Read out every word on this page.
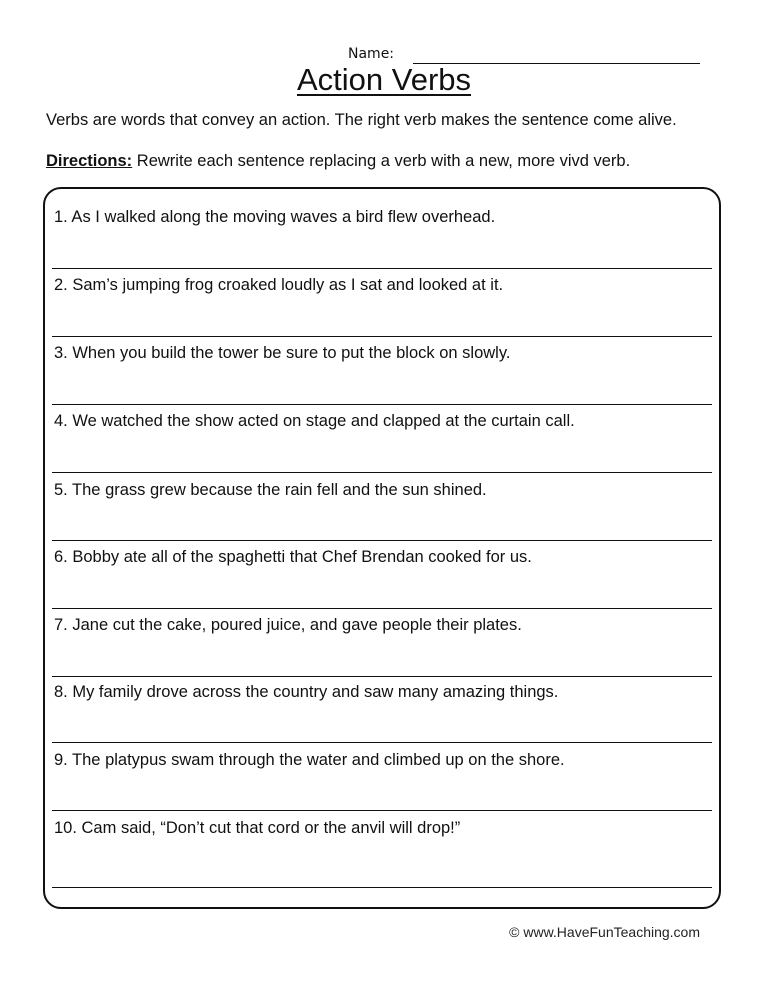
Name:
Action Verbs
Verbs are words that convey an action. The right verb makes the sentence come alive.
Directions: Rewrite each sentence replacing a verb with a new, more vivd verb.
1. As I walked along the moving waves a bird flew overhead.
2. Sam’s jumping frog croaked loudly as I sat and looked at it.
3. When you build the tower be sure to put the block on slowly.
4. We watched the show acted on stage and clapped at the curtain call.
5. The grass grew because the rain fell and the sun shined.
6. Bobby ate all of the spaghetti that Chef Brendan cooked for us.
7. Jane cut the cake, poured juice, and gave people their plates.
8. My family drove across the country and saw many amazing things.
9. The platypus swam through the water and climbed up on the shore.
10. Cam said, “Don’t cut that cord or the anvil will drop!”
© www.HaveFunTeaching.com
